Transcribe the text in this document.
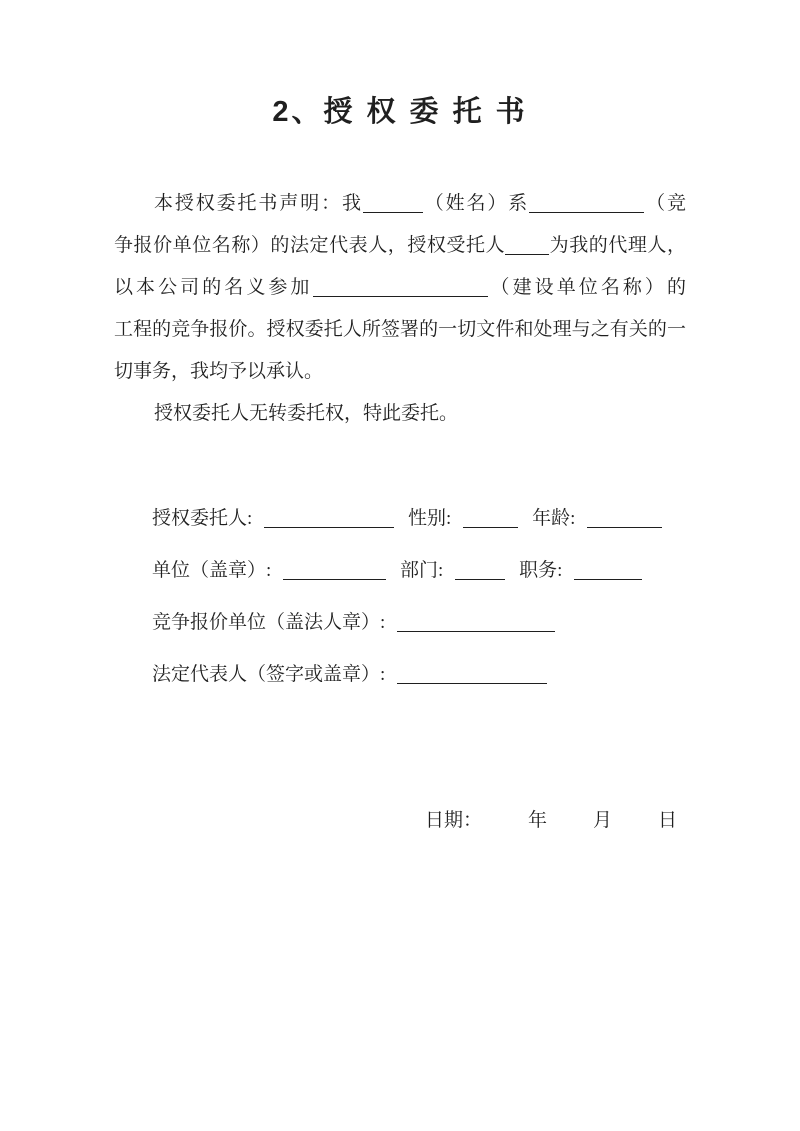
2、授 权 委 托 书
本授权委托书声明：我	（姓名）系	（竞
争报价单位名称）的法定代表人，授权受托人 为我的代理人，
以本公司的名义参加	（建设单位名称）的
工程的竞争报价。授权委托人所签署的一切文件和处理与之有关的一
切事务，我均予以承认。
授权委托人无转委托权，特此委托。
授权委托人:	性别:	年龄:
单位（盖章）:	部门:	职务:
竞争报价单位（盖法人章）:
法定代表人（签字或盖章）:
日期： 年 月 日
